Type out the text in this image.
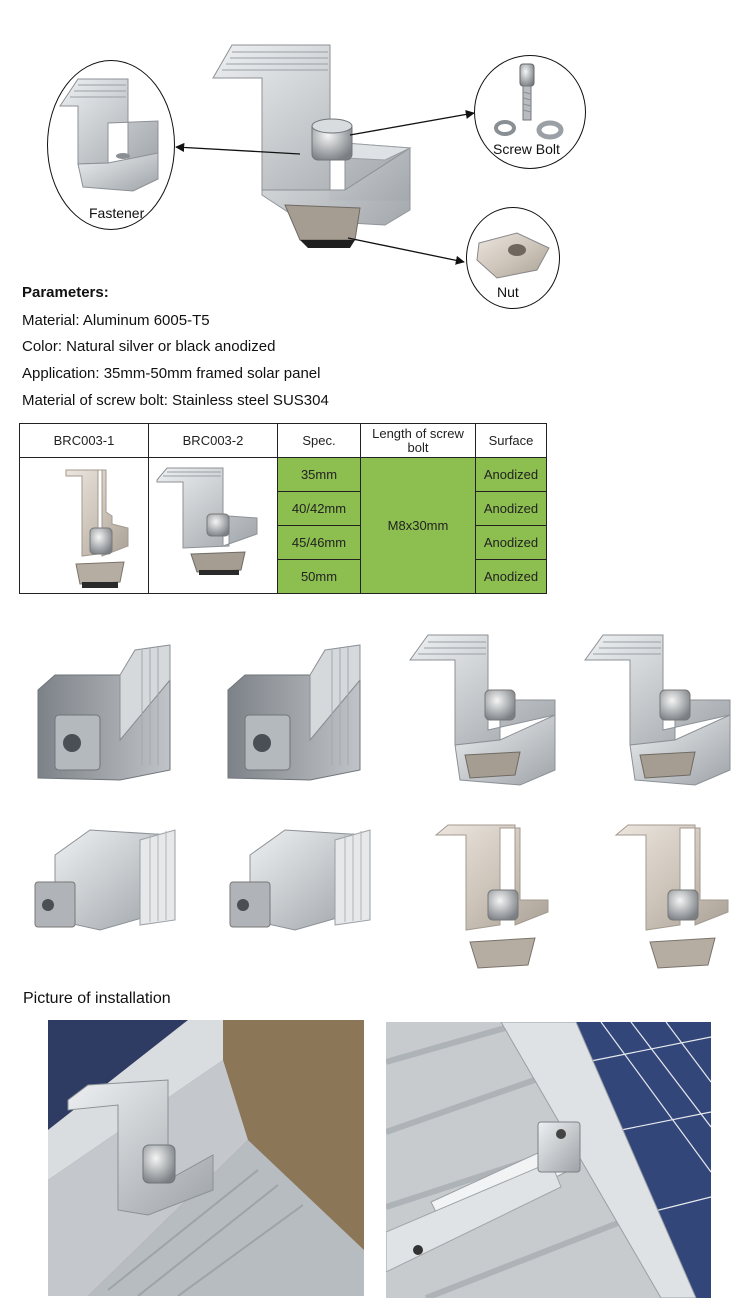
Fastener
Screw Bolt
Nut
Parameters:
Material: Aluminum 6005-T5
Color: Natural silver or black anodized
Application: 35mm-50mm framed solar panel
Material of screw bolt: Stainless steel SUS304
BRC003-1	BRC003-2	Spec.	Length of screw bolt	Surface
		35mm	M8x30mm	Anodized
		40/42mm		Anodized
		45/46mm		Anodized
		50mm		Anodized
Picture of installation
